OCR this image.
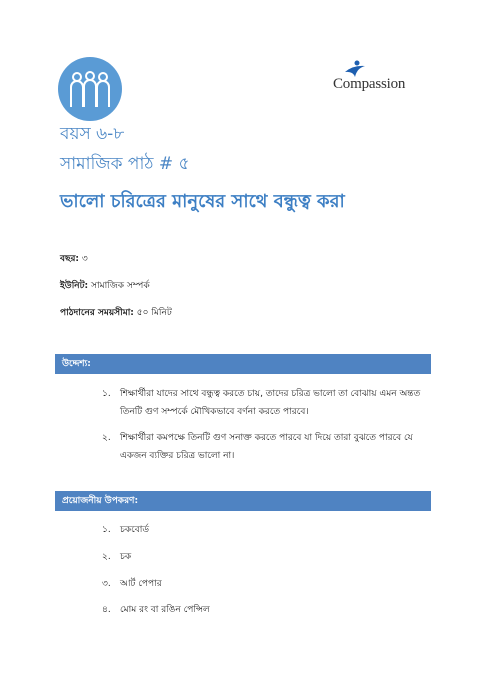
Compassion
বয়স ৬-৮
সামাজিক পাঠ # ৫
ভালো চরিত্রের মানুষের সাথে বন্ধুত্ব করা
বছর: ৩
ইউনিট: সামাজিক সম্পর্ক
পাঠদানের সময়সীমা: ৫০ মিনিট
উদ্দেশ্য:
১. শিক্ষার্থীরা যাদের সাথে বন্ধুত্ব করতে চায়, তাদের চরিত্র ভালো তা বোঝায় এমন অন্তত তিনটি গুণ সম্পর্কে মৌখিকভাবে বর্ণনা করতে পারবে।
২. শিক্ষার্থীরা কমপক্ষে তিনটি গুণ সনাক্ত করতে পারবে যা দিয়ে তারা বুঝতে পারবে যে একজন ব্যক্তির চরিত্র ভালো না।
প্রয়োজনীয় উপকরণ:
১. চকবোর্ড
২. চক
৩. আর্ট পেপার
৪. মোম রং বা রঙিন পেন্সিল
